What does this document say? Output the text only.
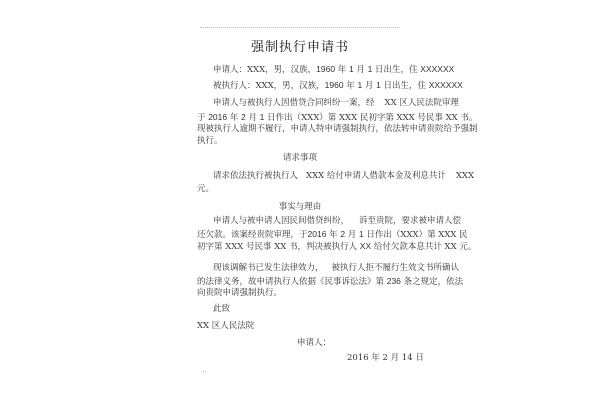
强制执行申请书
申请人：XXX，男，汉族，1960 年 1 月 1 日出生，住 XXXXXX
被执行人：XXX，男，汉族，1960 年 1 月 1 日出生，住 XXXXXX
申请人与被执行人因借贷合同纠纷一案，经 XX 区人民法院审理
于 2016 年 2 月 1 日作出（XXX）第 XXX 民初字第 XXX 号民事 XX 书。
现被执行人逾期不履行，申请人特申请强制执行，依法转申请贵院给予强制
执行。
请求事项
请求依法执行被执行人 XXX 给付申请人借款本金及利息共计 XXX
元。
事实与理由
申请人与被申请人因民间借贷纠纷， 诉至贵院，要求被申请人偿
还欠款。该案经贵院审理，于2016 年 2 月 1 日作出（XXX）第 XXX 民
初字第 XXX 号民事 XX 书，判决被执行人 XX 给付欠款本息共计 XX 元。
现该调解书已发生法律效力， 被执行人拒不履行生效文书所确认
的法律义务，故申请执行人依据《民事诉讼法》第 236 条之规定，依法
向贵院申请强制执行。
此致
XX 区人民法院
申请人：
2016 年 2 月 14 日
